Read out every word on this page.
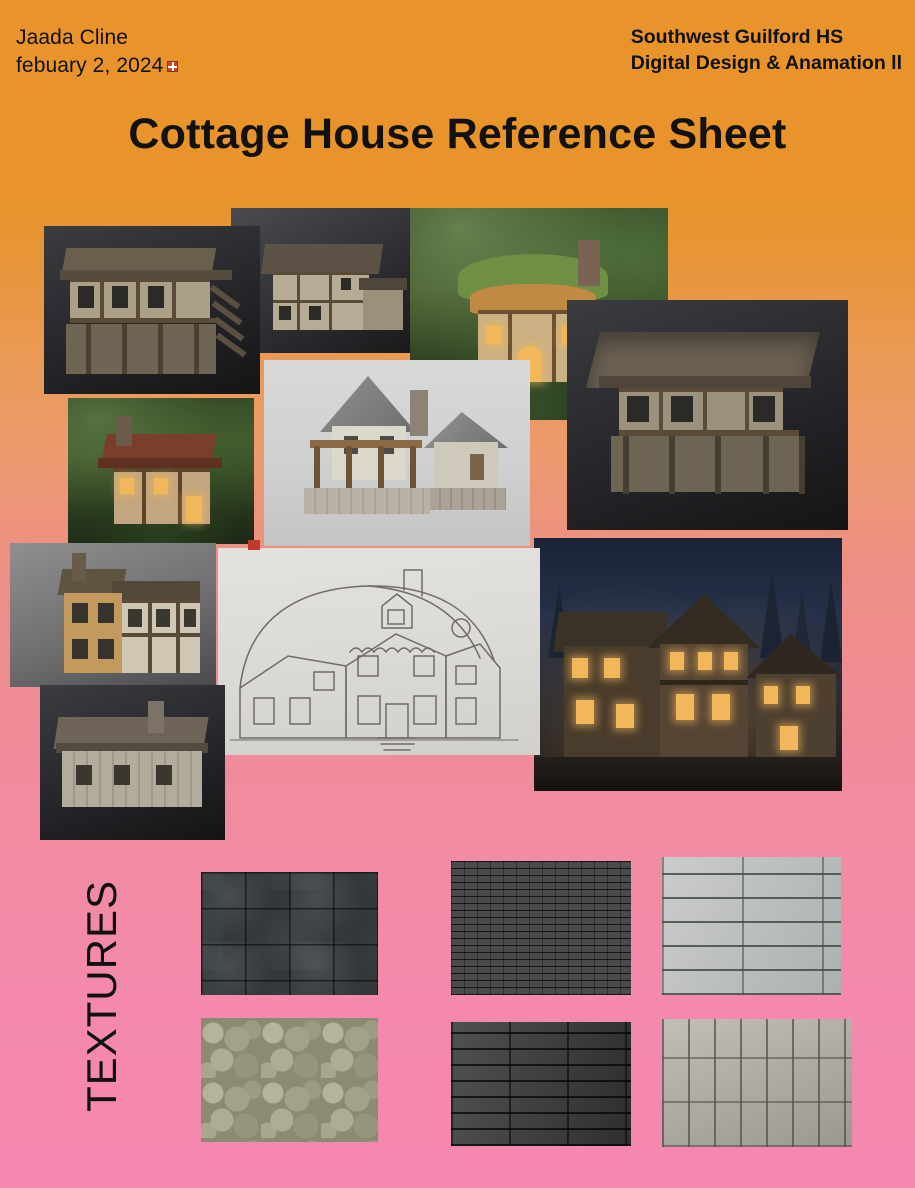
Jaada Cline
febuary 2, 2024
Southwest Guilford HS
Digital Design & Anamation ll
Cottage House Reference Sheet
TEXTURES
